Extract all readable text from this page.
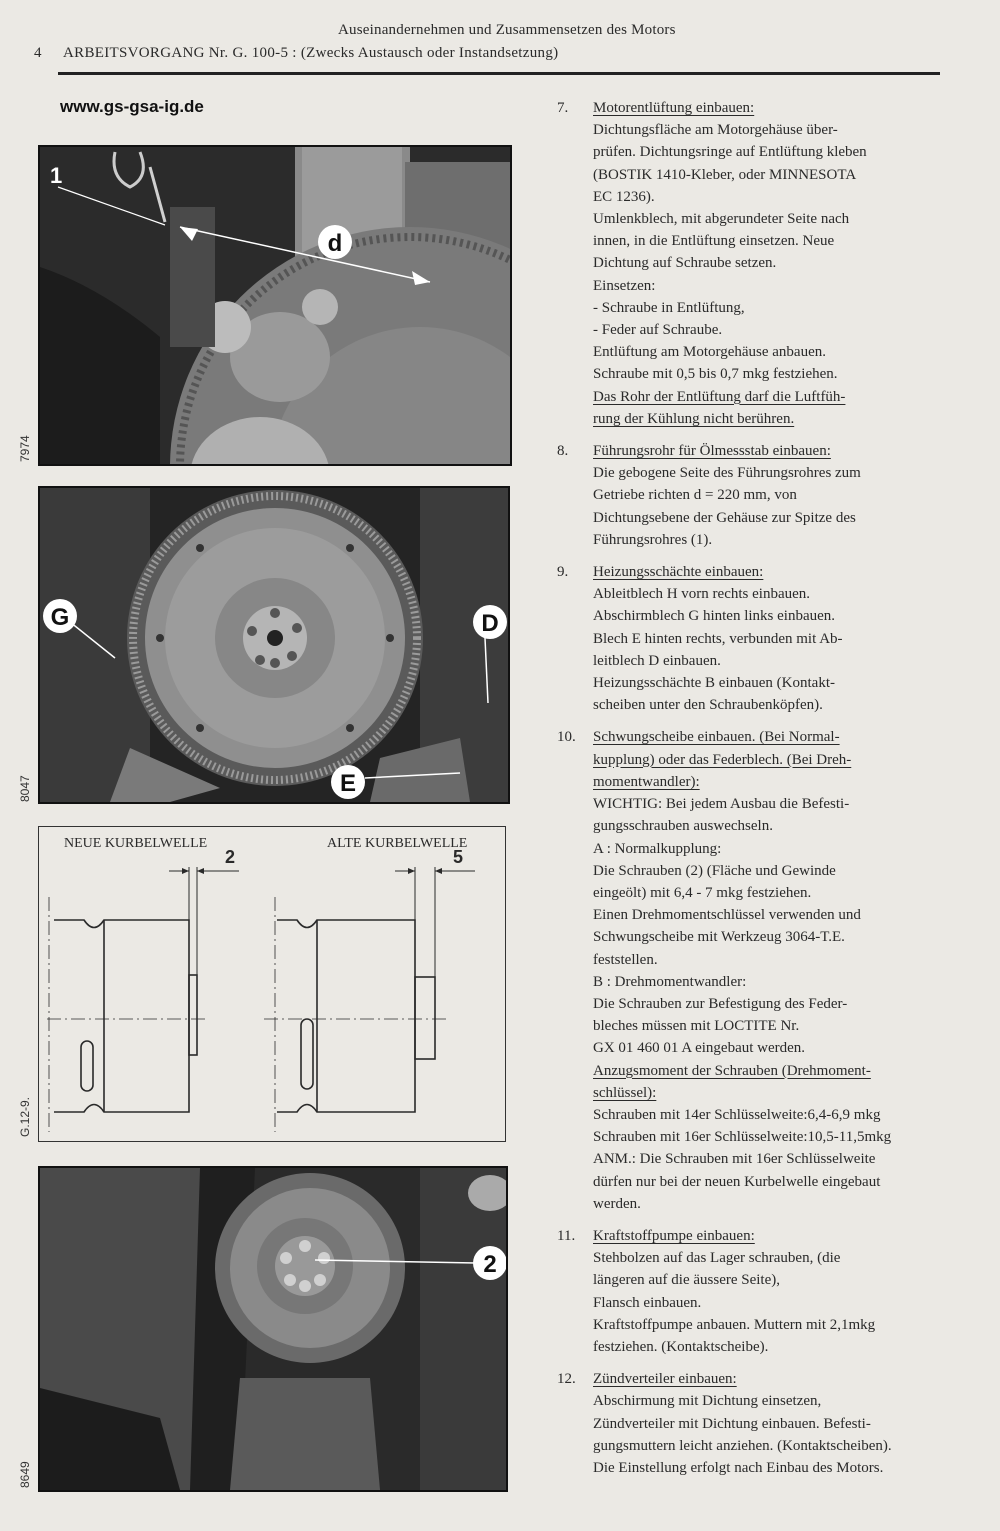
Auseinandernehmen und Zusammensetzen des Motors
4 ARBEITSVORGANG Nr. G. 100-5 : (Zwecks Austausch oder Instandsetzung)
www.gs-gsa-ig.de
d
1
7974
G	D
E
8047
NEUE KURBELWELLE	ALTE KURBELWELLE
2	5
G.12-9.
2
8649
7. Motorentlüftung einbauen:
Dichtungsfläche am Motorgehäuse über-
prüfen. Dichtungsringe auf Entlüftung kleben
(BOSTIK 1410-Kleber, oder MINNESOTA
EC 1236).
Umlenkblech, mit abgerundeter Seite nach
innen, in die Entlüftung einsetzen. Neue
Dichtung auf Schraube setzen.
Einsetzen:
- Schraube in Entlüftung,
- Feder auf Schraube.
Entlüftung am Motorgehäuse anbauen.
Schraube mit 0,5 bis 0,7 mkg festziehen.
Das Rohr der Entlüftung darf die Luftfüh-
rung der Kühlung nicht berühren.
8. Führungsrohr für Ölmessstab einbauen:
Die gebogene Seite des Führungsrohres zum
Getriebe richten d = 220 mm, von
Dichtungsebene der Gehäuse zur Spitze des
Führungsrohres (1).
9. Heizungsschächte einbauen:
Ableitblech H vorn rechts einbauen.
Abschirmblech G hinten links einbauen.
Blech E hinten rechts, verbunden mit Ab-
leitblech D einbauen.
Heizungsschächte B einbauen (Kontakt-
scheiben unter den Schraubenköpfen).
10. Schwungscheibe einbauen. (Bei Normal-
kupplung) oder das Federblech. (Bei Dreh-
momentwandler):
WICHTIG: Bei jedem Ausbau die Befesti-
gungsschrauben auswechseln.
A : Normalkupplung:
Die Schrauben (2) (Fläche und Gewinde
eingeölt) mit 6,4 - 7 mkg festziehen.
Einen Drehmomentschlüssel verwenden und
Schwungscheibe mit Werkzeug 3064-T.E.
feststellen.
B : Drehmomentwandler:
Die Schrauben zur Befestigung des Feder-
bleches müssen mit LOCTITE Nr.
GX 01 460 01 A eingebaut werden.
Anzugsmoment der Schrauben (Drehmoment-
schlüssel):
Schrauben mit 14er Schlüsselweite:6,4-6,9 mkg
Schrauben mit 16er Schlüsselweite:10,5-11,5mkg
ANM.: Die Schrauben mit 16er Schlüsselweite
dürfen nur bei der neuen Kurbelwelle eingebaut
werden.
11. Kraftstoffpumpe einbauen:
Stehbolzen auf das Lager schrauben, (die
längeren auf die äussere Seite),
Flansch einbauen.
Kraftstoffpumpe anbauen. Muttern mit 2,1mkg
festziehen. (Kontaktscheibe).
12. Zündverteiler einbauen:
Abschirmung mit Dichtung einsetzen,
Zündverteiler mit Dichtung einbauen. Befesti-
gungsmuttern leicht anziehen. (Kontaktscheiben).
Die Einstellung erfolgt nach Einbau des Motors.
